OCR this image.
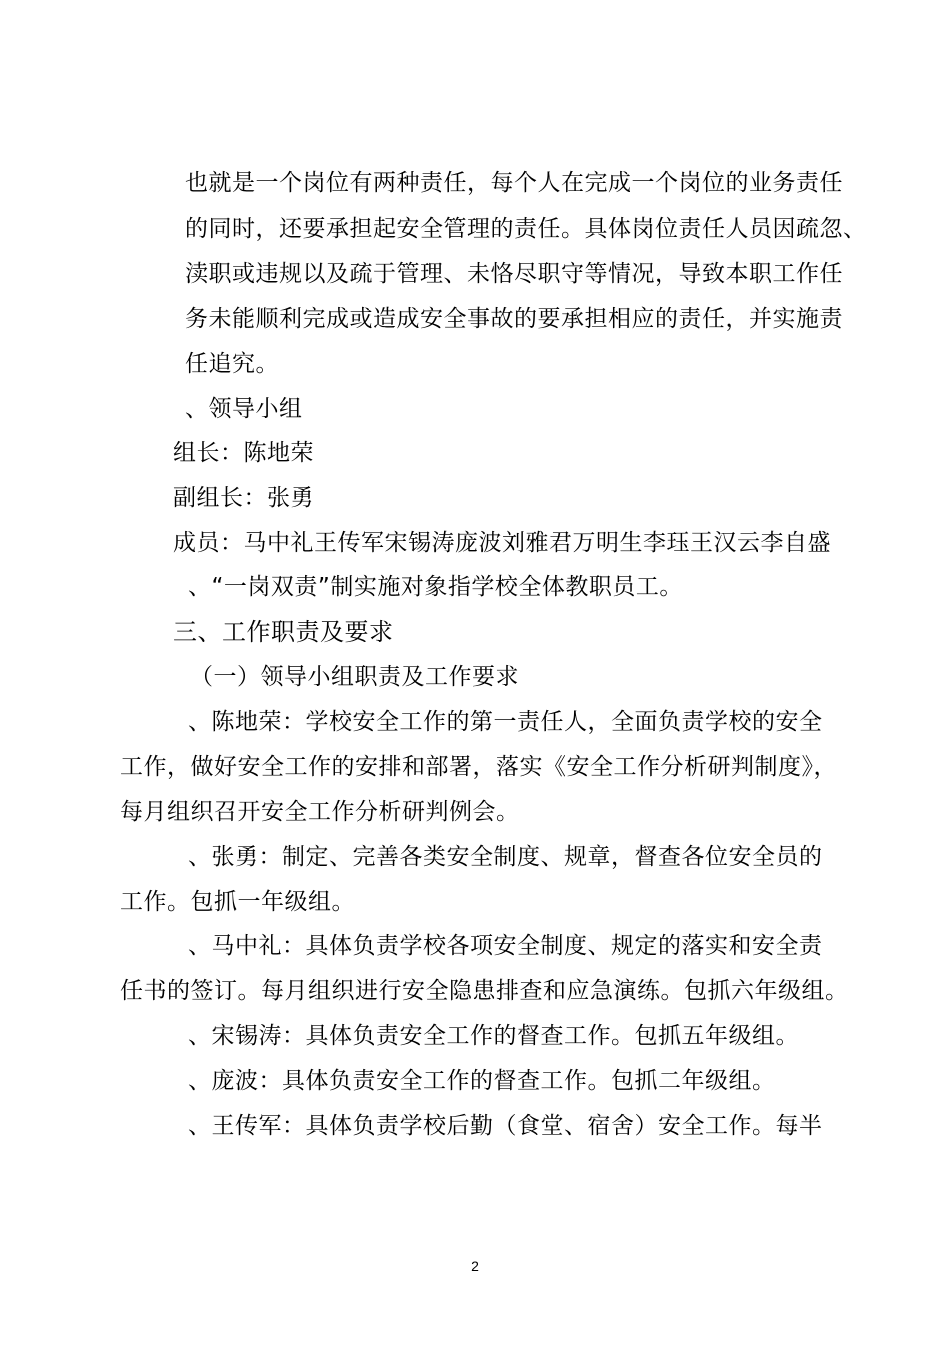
也就是一个岗位有两种责任，每个人在完成一个岗位的业务责任
的同时，还要承担起安全管理的责任。具体岗位责任人员因疏忽、
渎职或违规以及疏于管理、未恪尽职守等情况，导致本职工作任
务未能顺利完成或造成安全事故的要承担相应的责任，并实施责
任追究。
、领导小组
组长：陈地荣
副组长：张勇
成员：马中礼王传军宋锡涛庞波刘雅君万明生李珏王汉云李自盛
、“一岗双责”制实施对象指学校全体教职员工。
三、工作职责及要求
（一）领导小组职责及工作要求
、陈地荣：学校安全工作的第一责任人，全面负责学校的安全
工作，做好安全工作的安排和部署，落实《安全工作分析研判制度》，
每月组织召开安全工作分析研判例会。
、张勇：制定、完善各类安全制度、规章，督查各位安全员的
工作。包抓一年级组。
、马中礼：具体负责学校各项安全制度、规定的落实和安全责
任书的签订。每月组织进行安全隐患排查和应急演练。包抓六年级组。
、宋锡涛：具体负责安全工作的督查工作。包抓五年级组。
、庞波：具体负责安全工作的督查工作。包抓二年级组。
、王传军：具体负责学校后勤（食堂、宿舍）安全工作。每半
2
